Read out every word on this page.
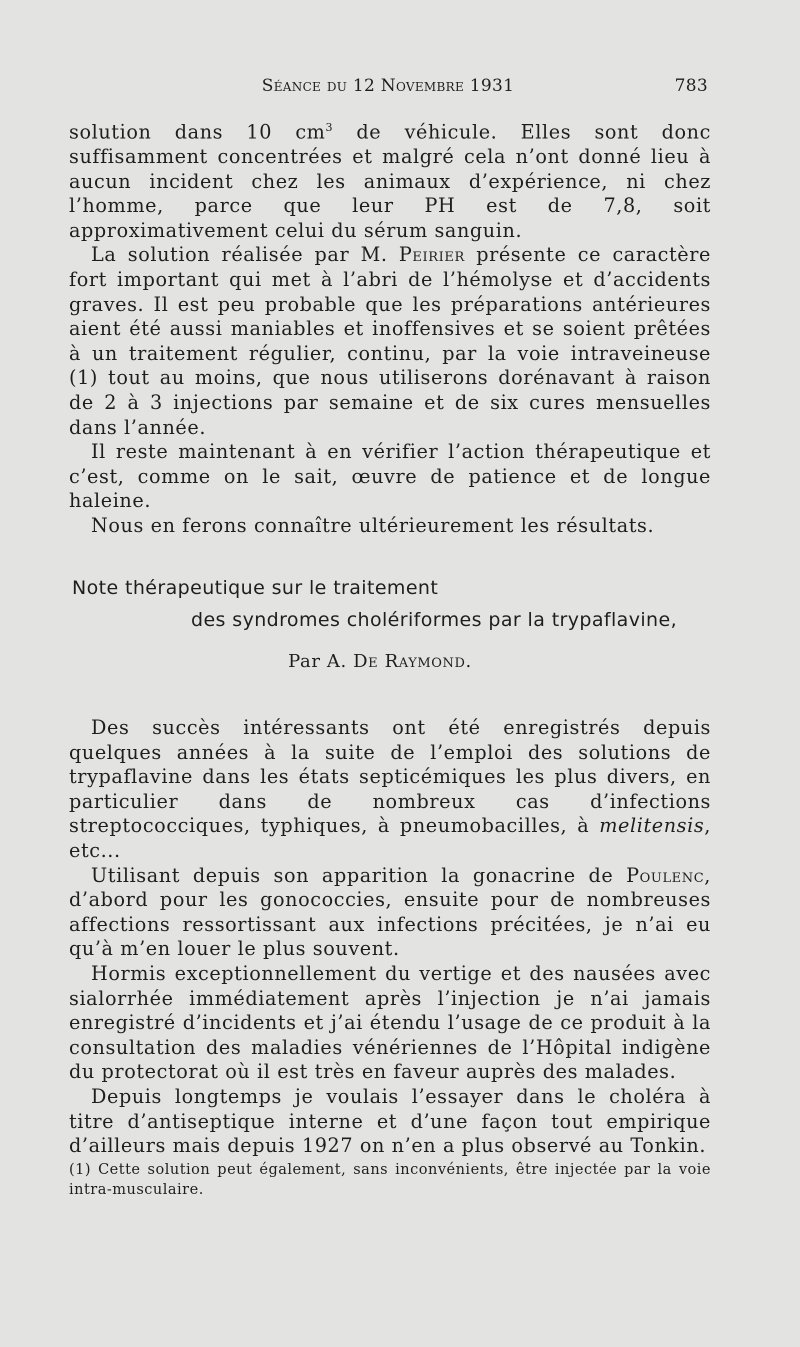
Séance du 12 Novembre 1931	783

solution dans 10 $cm^3$ de véhicule. Elles sont donc suffisamment concentrées et malgré cela n’ont donné lieu à aucun incident chez les animaux d’expérience, ni chez l’homme, parce que leur PH est de 7,8, soit approximativement celui du sérum sanguin.

La solution réalisée par M. Peirier présente ce caractère fort important qui met à l’abri de l’hémolyse et d’accidents graves. Il est peu probable que les préparations antérieures aient été aussi maniables et inoffensives et se soient prêtées à un traitement régulier, continu, par la voie intraveineuse (1) tout au moins, que nous utiliserons dorénavant à raison de 2 à 3 injections par semaine et de six cures mensuelles dans l’année.

Il reste maintenant à en vérifier l’action thérapeutique et c’est, comme on le sait, œuvre de patience et de longue haleine.

Nous en ferons connaître ultérieurement les résultats.

Note thérapeutique sur le traitement
des syndromes cholériformes par la trypaflavine,
Par A. De Raymond.

Des succès intéressants ont été enregistrés depuis quelques années à la suite de l’emploi des solutions de trypaflavine dans les états septicémiques les plus divers, en particulier dans de nombreux cas d’infections streptococciques, typhiques, à pneumobacilles, à melitensis, etc...

Utilisant depuis son apparition la gonacrine de Poulenc, d’abord pour les gonococcies, ensuite pour de nombreuses affections ressortissant aux infections précitées, je n’ai eu qu’à m’en louer le plus souvent.

Hormis exceptionnellement du vertige et des nausées avec sialorrhée immédiatement après l’injection je n’ai jamais enregistré d’incidents et j’ai étendu l’usage de ce produit à la consultation des maladies vénériennes de l’Hôpital indigène du protectorat où il est très en faveur auprès des malades.

Depuis longtemps je voulais l’essayer dans le choléra à titre d’antiseptique interne et d’une façon tout empirique d’ailleurs mais depuis 1927 on n’en a plus observé au Tonkin.

(1) Cette solution peut également, sans inconvénients, être injectée par la voie intra-musculaire.
